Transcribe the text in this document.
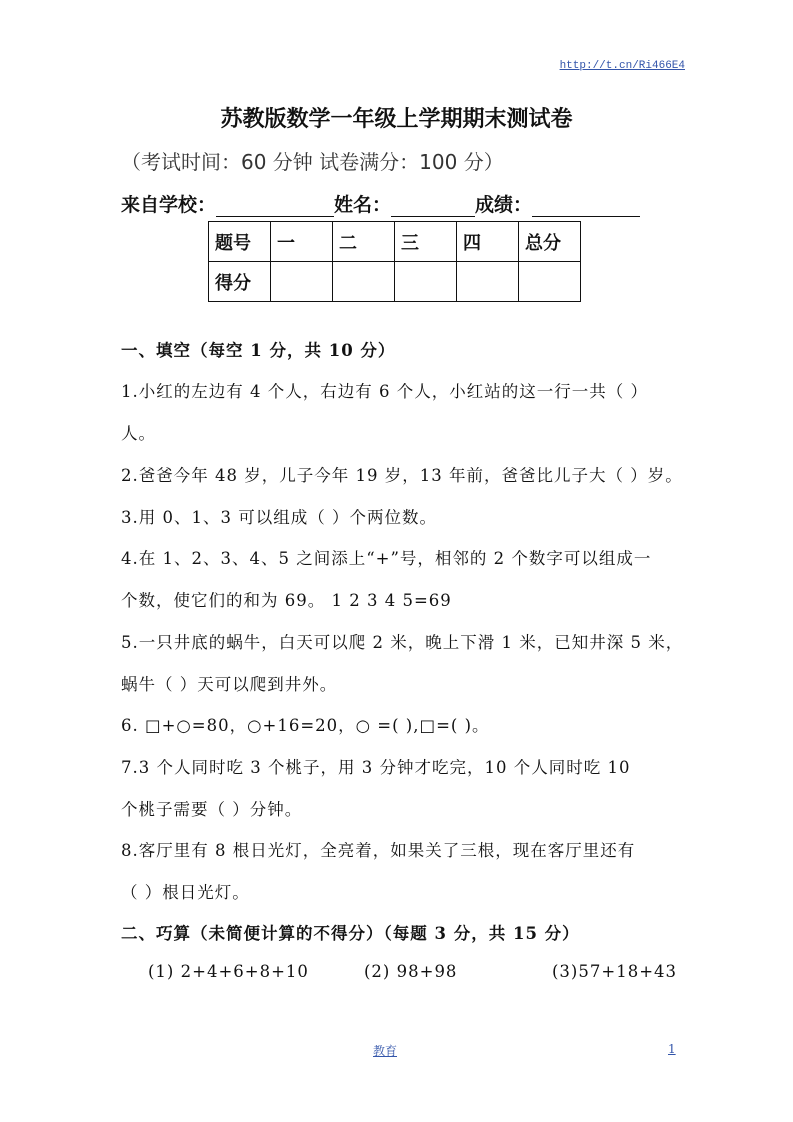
http://t.cn/Ri466E4
苏教版数学一年级上学期期末测试卷
（考试时间：60 分钟 试卷满分：100 分）
来自学校：	姓名：	成绩：
题号	一	二	三	四	总分
得分					
一、填空（每空 1 分，共 10 分）
1.小红的左边有 4 个人，右边有 6 个人，小红站的这一行一共（ ）
人。
2.爸爸今年 48 岁，儿子今年 19 岁，13 年前，爸爸比儿子大（ ）岁。
3.用 0、1、3 可以组成（ ）个两位数。
4.在 1、2、3、4、5 之间添上“+”号，相邻的 2 个数字可以组成一
个数，使它们的和为 69。 1 2 3 4 5=69
5.一只井底的蜗牛，白天可以爬 2 米，晚上下滑 1 米，已知井深 5 米，
蜗牛（ ）天可以爬到井外。
6. □+○=80，○+16=20，○ =( ),□=( )。
7.3 个人同时吃 3 个桃子，用 3 分钟才吃完，10 个人同时吃 10
个桃子需要（ ）分钟。
8.客厅里有 8 根日光灯，全亮着，如果关了三根，现在客厅里还有
（ ）根日光灯。
二、巧算（未简便计算的不得分）（每题 3 分，共 15 分）
(1) 2+4+6+8+10	(2) 98+98	(3)57+18+43
教育	1
